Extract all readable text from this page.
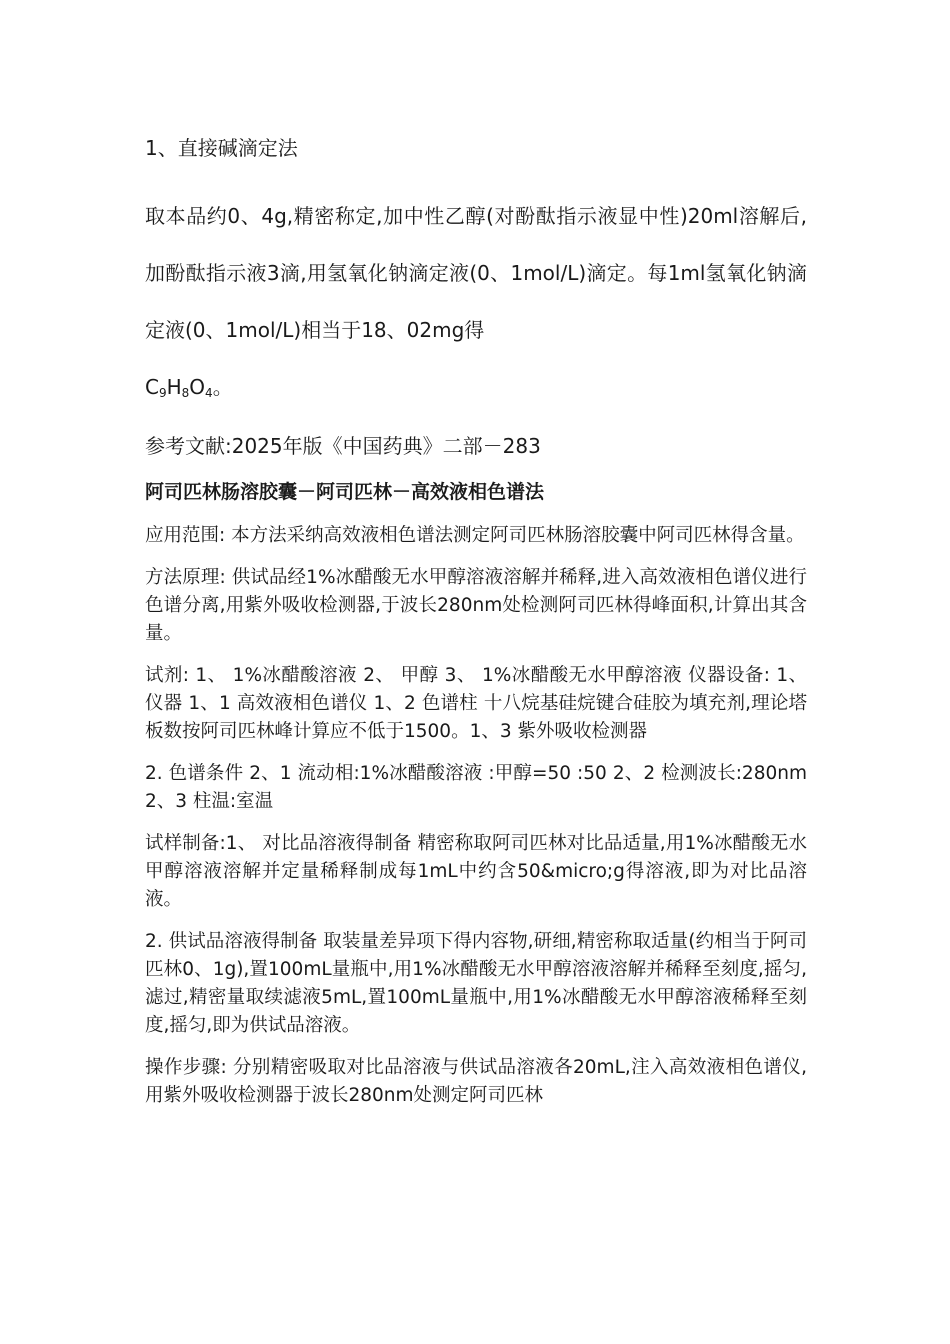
1、直接碱滴定法

取本品约0、4g,精密称定,加中性乙醇(对酚酞指示液显中性)20ml溶解后,加酚酞指示液3滴,用氢氧化钠滴定液(0、1mol/L)滴定。每1ml氢氧化钠滴定液(0、1mol/L)相当于18、02mg得
$C_9H_8O_4$。

参考文献:2025年版《中国药典》二部－283

阿司匹林肠溶胶囊－阿司匹林－高效液相色谱法

应用范围: 本方法采纳高效液相色谱法测定阿司匹林肠溶胶囊中阿司匹林得含量。

方法原理: 供试品经1%冰醋酸无水甲醇溶液溶解并稀释,进入高效液相色谱仪进行色谱分离,用紫外吸收检测器,于波长280nm处检测阿司匹林得峰面积,计算出其含量。

试剂: 1、 1%冰醋酸溶液 2、 甲醇 3、 1%冰醋酸无水甲醇溶液 仪器设备: 1、 仪器 1、1 高效液相色谱仪 1、2 色谱柱 十八烷基硅烷键合硅胶为填充剂,理论塔板数按阿司匹林峰计算应不低于1500。1、3 紫外吸收检测器

2. 色谱条件 2、1 流动相:1%冰醋酸溶液 :甲醇=50 :50 2、2 检测波长:280nm 2、3 柱温:室温

试样制备:1、 对比品溶液得制备 精密称取阿司匹林对比品适量,用1%冰醋酸无水甲醇溶液溶解并定量稀释制成每1mL中约含50&micro;g得溶液,即为对比品溶液。

2. 供试品溶液得制备 取装量差异项下得内容物,研细,精密称取适量(约相当于阿司匹林0、1g),置100mL量瓶中,用1%冰醋酸无水甲醇溶液溶解并稀释至刻度,摇匀,滤过,精密量取续滤液5mL,置100mL量瓶中,用1%冰醋酸无水甲醇溶液稀释至刻度,摇匀,即为供试品溶液。

操作步骤: 分别精密吸取对比品溶液与供试品溶液各20mL,注入高效液相色谱仪,用紫外吸收检测器于波长280nm处测定阿司匹林
